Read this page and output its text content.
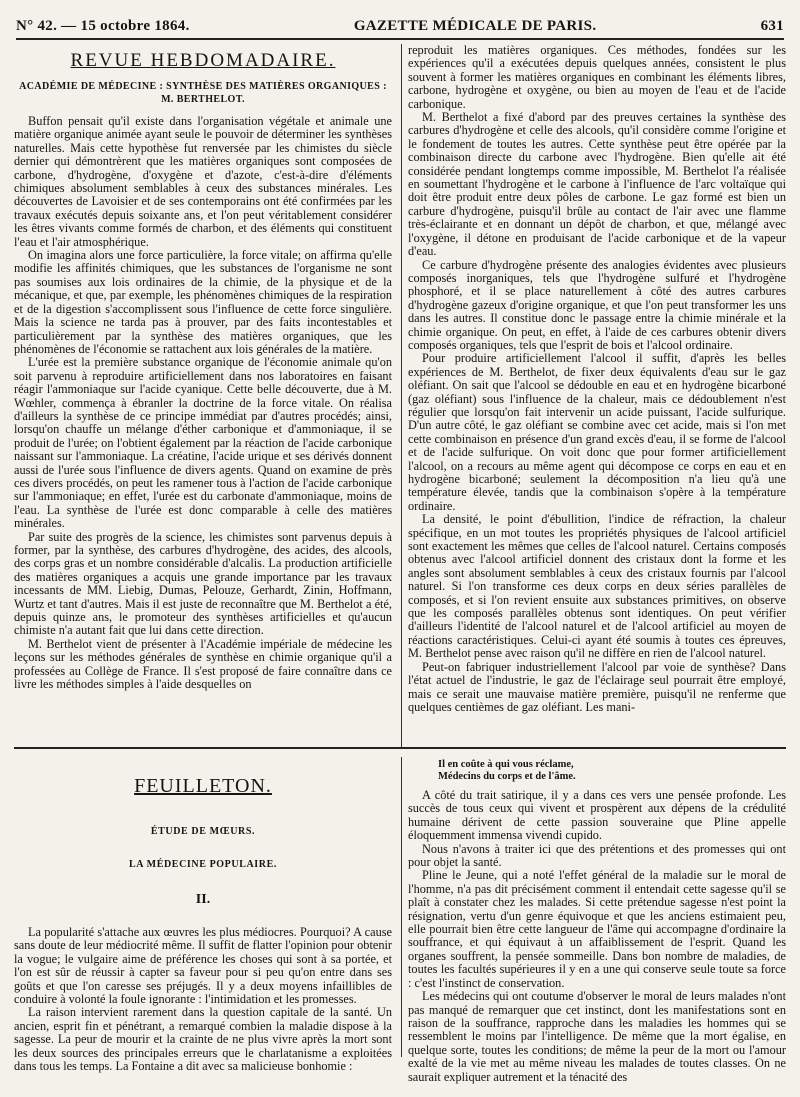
N° 42. — 15 octobre 1864.	GAZETTE MÉDICALE DE PARIS.	631
REVUE HEBDOMADAIRE.
ACADÉMIE DE MÉDECINE : SYNTHÈSE DES MATIÈRES ORGANIQUES :
M. BERTHELOT.

Buffon pensait qu'il existe dans l'organisation végétale et animale une matière organique animée ayant seule le pouvoir de déterminer les synthèses naturelles. Mais cette hypothèse fut renversée par les chimistes du siècle dernier qui démontrèrent que les matières organiques sont composées de carbone, d'hydrogène, d'oxygène et d'azote, c'est-à-dire d'éléments chimiques absolument semblables à ceux des substances minérales. Les découvertes de Lavoisier et de ses contemporains ont été confirmées par les travaux exécutés depuis soixante ans, et l'on peut véritablement considérer les êtres vivants comme formés de charbon, et des éléments qui constituent l'eau et l'air atmosphérique.

On imagina alors une force particulière, la force vitale; on affirma qu'elle modifie les affinités chimiques, que les substances de l'organisme ne sont pas soumises aux lois ordinaires de la chimie, de la physique et de la mécanique, et que, par exemple, les phénomènes chimiques de la respiration et de la digestion s'accomplissent sous l'influence de cette force singulière. Mais la science ne tarda pas à prouver, par des faits incontestables et particulièrement par la synthèse des matières organiques, que les phénomènes de l'économie se rattachent aux lois générales de la matière.

L'urée est la première substance organique de l'économie animale qu'on soit parvenu à reproduire artificiellement dans nos laboratoires en faisant réagir l'ammoniaque sur l'acide cyanique. Cette belle découverte, due à M. Wœhler, commença à ébranler la doctrine de la force vitale. On réalisa d'ailleurs la synthèse de ce principe immédiat par d'autres procédés; ainsi, lorsqu'on chauffe un mélange d'éther carbonique et d'ammoniaque, il se produit de l'urée; on l'obtient également par la réaction de l'acide carbonique naissant sur l'ammoniaque. La créatine, l'acide urique et ses dérivés donnent aussi de l'urée sous l'influence de divers agents. Quand on examine de près ces divers procédés, on peut les ramener tous à l'action de l'acide carbonique sur l'ammoniaque; en effet, l'urée est du carbonate d'ammoniaque, moins de l'eau. La synthèse de l'urée est donc comparable à celle des matières minérales.

Par suite des progrès de la science, les chimistes sont parvenus depuis à former, par la synthèse, des carbures d'hydrogène, des acides, des alcools, des corps gras et un nombre considérable d'alcalis. La production artificielle des matières organiques a acquis une grande importance par les travaux incessants de MM. Liebig, Dumas, Pelouze, Gerhardt, Zinin, Hoffmann, Wurtz et tant d'autres. Mais il est juste de reconnaître que M. Berthelot a été, depuis quinze ans, le promoteur des synthèses artificielles et qu'aucun chimiste n'a autant fait que lui dans cette direction.

M. Berthelot vient de présenter à l'Académie impériale de médecine les leçons sur les méthodes générales de synthèse en chimie organique qu'il a professées au Collège de France. Il s'est proposé de faire connaître dans ce livre les méthodes simples à l'aide desquelles on

reproduit les matières organiques. Ces méthodes, fondées sur les expériences qu'il a exécutées depuis quelques années, consistent le plus souvent à former les matières organiques en combinant les éléments libres, carbone, hydrogène et oxygène, ou bien au moyen de l'eau et de l'acide carbonique.

M. Berthelot a fixé d'abord par des preuves certaines la synthèse des carbures d'hydrogène et celle des alcools, qu'il considère comme l'origine et le fondement de toutes les autres. Cette synthèse peut être opérée par la combinaison directe du carbone avec l'hydrogène. Bien qu'elle ait été considérée pendant longtemps comme impossible, M. Berthelot l'a réalisée en soumettant l'hydrogène et le carbone à l'influence de l'arc voltaïque qui doit être produit entre deux pôles de carbone. Le gaz formé est bien un carbure d'hydrogène, puisqu'il brûle au contact de l'air avec une flamme très-éclairante et en donnant un dépôt de charbon, et que, mélangé avec l'oxygène, il détone en produisant de l'acide carbonique et de la vapeur d'eau.

Ce carbure d'hydrogène présente des analogies évidentes avec plusieurs composés inorganiques, tels que l'hydrogène sulfuré et l'hydrogène phosphoré, et il se place naturellement à côté des autres carbures d'hydrogène gazeux d'origine organique, et que l'on peut transformer les uns dans les autres. Il constitue donc le passage entre la chimie minérale et la chimie organique. On peut, en effet, à l'aide de ces carbures obtenir divers composés organiques, tels que l'esprit de bois et l'alcool ordinaire.

Pour produire artificiellement l'alcool il suffit, d'après les belles expériences de M. Berthelot, de fixer deux équivalents d'eau sur le gaz oléfiant. On sait que l'alcool se dédouble en eau et en hydrogène bicarboné (gaz oléfiant) sous l'influence de la chaleur, mais ce dédoublement n'est régulier que lorsqu'on fait intervenir un acide puissant, l'acide sulfurique. D'un autre côté, le gaz oléfiant se combine avec cet acide, mais si l'on met cette combinaison en présence d'un grand excès d'eau, il se forme de l'alcool et de l'acide sulfurique. On voit donc que pour former artificiellement l'alcool, on a recours au même agent qui décompose ce corps en eau et en hydrogène bicarboné; seulement la décomposition n'a lieu qu'à une température élevée, tandis que la combinaison s'opère à la température ordinaire.

La densité, le point d'ébullition, l'indice de réfraction, la chaleur spécifique, en un mot toutes les propriétés physiques de l'alcool artificiel sont exactement les mêmes que celles de l'alcool naturel. Certains composés obtenus avec l'alcool artificiel donnent des cristaux dont la forme et les angles sont absolument semblables à ceux des cristaux fournis par l'alcool naturel. Si l'on transforme ces deux corps en deux séries parallèles de composés, et si l'on revient ensuite aux substances primitives, on observe que les composés parallèles obtenus sont identiques. On peut vérifier d'ailleurs l'identité de l'alcool naturel et de l'alcool artificiel au moyen de réactions caractéristiques. Celui-ci ayant été soumis à toutes ces épreuves, M. Berthelot pense avec raison qu'il ne diffère en rien de l'alcool naturel.

Peut-on fabriquer industriellement l'alcool par voie de synthèse? Dans l'état actuel de l'industrie, le gaz de l'éclairage seul pourrait être employé, mais ce serait une mauvaise matière première, puisqu'il ne renferme que quelques centièmes de gaz oléfiant. Les mani-

FEUILLETON.
ÉTUDE DE MŒURS.
LA MÉDECINE POPULAIRE.
II.

La popularité s'attache aux œuvres les plus médiocres. Pourquoi? A cause sans doute de leur médiocrité même. Il suffit de flatter l'opinion pour obtenir la vogue; le vulgaire aime de préférence les choses qui sont à sa portée, et l'on est sûr de réussir à capter sa faveur pour si peu qu'on entre dans ses goûts et que l'on caresse ses préjugés. Il y a deux moyens infaillibles de conduire à volonté la foule ignorante : l'intimidation et les promesses.

La raison intervient rarement dans la question capitale de la santé. Un ancien, esprit fin et pénétrant, a remarqué combien la maladie dispose à la sagesse. La peur de mourir et la crainte de ne plus vivre après la mort sont les deux sources des principales erreurs que le charlatanisme a exploitées dans tous les temps. La Fontaine a dit avec sa malicieuse bonhomie :

Il en coûte à qui vous réclame,
Médecins du corps et de l'âme.

A côté du trait satirique, il y a dans ces vers une pensée profonde. Les succès de tous ceux qui vivent et prospèrent aux dépens de la crédulité humaine dérivent de cette passion souveraine que Pline appelle éloquemment immensa vivendi cupido.

Nous n'avons à traiter ici que des prétentions et des promesses qui ont pour objet la santé.

Pline le Jeune, qui a noté l'effet général de la maladie sur le moral de l'homme, n'a pas dit précisément comment il entendait cette sagesse qu'il se plaît à constater chez les malades. Si cette prétendue sagesse n'est point la résignation, vertu d'un genre équivoque et que les anciens estimaient peu, elle pourrait bien être cette langueur de l'âme qui accompagne d'ordinaire la souffrance, et qui équivaut à un affaiblissement de l'esprit. Quand les organes souffrent, la pensée sommeille. Dans bon nombre de maladies, de toutes les facultés supérieures il y en a une qui conserve seule toute sa force : c'est l'instinct de conservation.

Les médecins qui ont coutume d'observer le moral de leurs malades n'ont pas manqué de remarquer que cet instinct, dont les manifestations sont en raison de la souffrance, rapproche dans les maladies les hommes qui se ressemblent le moins par l'intelligence. De même que la mort égalise, en quelque sorte, toutes les conditions; de même la peur de la mort ou l'amour exalté de la vie met au même niveau les malades de toutes classes. On ne saurait expliquer autrement et la ténacité des
